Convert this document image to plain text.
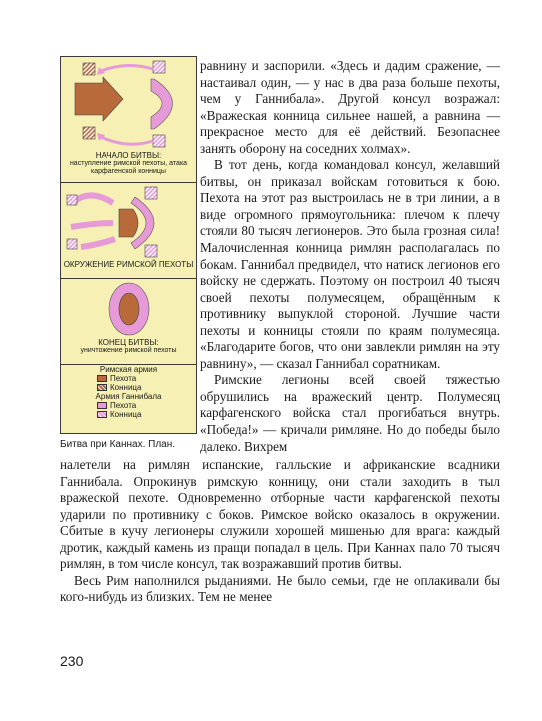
НАЧАЛО БИТВЫ:
наступление римской пехоты, атака карфагенской конницы
ОКРУЖЕНИЕ РИМСКОЙ ПЕХОТЫ
КОНЕЦ БИТВЫ:
уничтожение римской пехоты
Римская армия
Пехота
Конница
Армия Ганнибала
Пехота
Конница
Битва при Каннах. План.

равнину и заспорили. «Здесь и дадим сражение, — настаивал один, — у нас в два раза больше пехоты, чем у Ганнибала». Другой консул возражал: «Вражеская конница сильнее нашей, а равнина — прекрасное место для её действий. Безопаснее занять оборону на соседних холмах».

В тот день, когда командовал консул, желавший битвы, он приказал войскам готовиться к бою. Пехота на этот раз выстроилась не в три линии, а в виде огромного прямоугольника: плечом к плечу стояли 80 тысяч легионеров. Это была грозная сила! Малочисленная конница римлян располагалась по бокам. Ганнибал предвидел, что натиск легионов его войску не сдержать. Поэтому он построил 40 тысяч своей пехоты полумесяцем, обращённым к противнику выпуклой стороной. Лучшие части пехоты и конницы стояли по краям полумесяца. «Благодарите богов, что они завлекли римлян на эту равнину», — сказал Ганнибал соратникам.

Римские легионы всей своей тяжестью обрушились на вражеский центр. Полумесяц карфагенского войска стал прогибаться внутрь. «Победа!» — кричали римляне. Но до победы было далеко. Вихрем

налетели на римлян испанские, галльские и африканские всадники Ганнибала. Опрокинув римскую конницу, они стали заходить в тыл вражеской пехоте. Одновременно отборные части карфагенской пехоты ударили по противнику с боков. Римское войско оказалось в окружении. Сбитые в кучу легионеры служили хорошей мишенью для врага: каждый дротик, каждый камень из пращи попадал в цель. При Каннах пало 70 тысяч римлян, в том числе консул, так возражавший против битвы.

Весь Рим наполнился рыданиями. Не было семьи, где не оплакивали бы кого-нибудь из близких. Тем не менее

230
